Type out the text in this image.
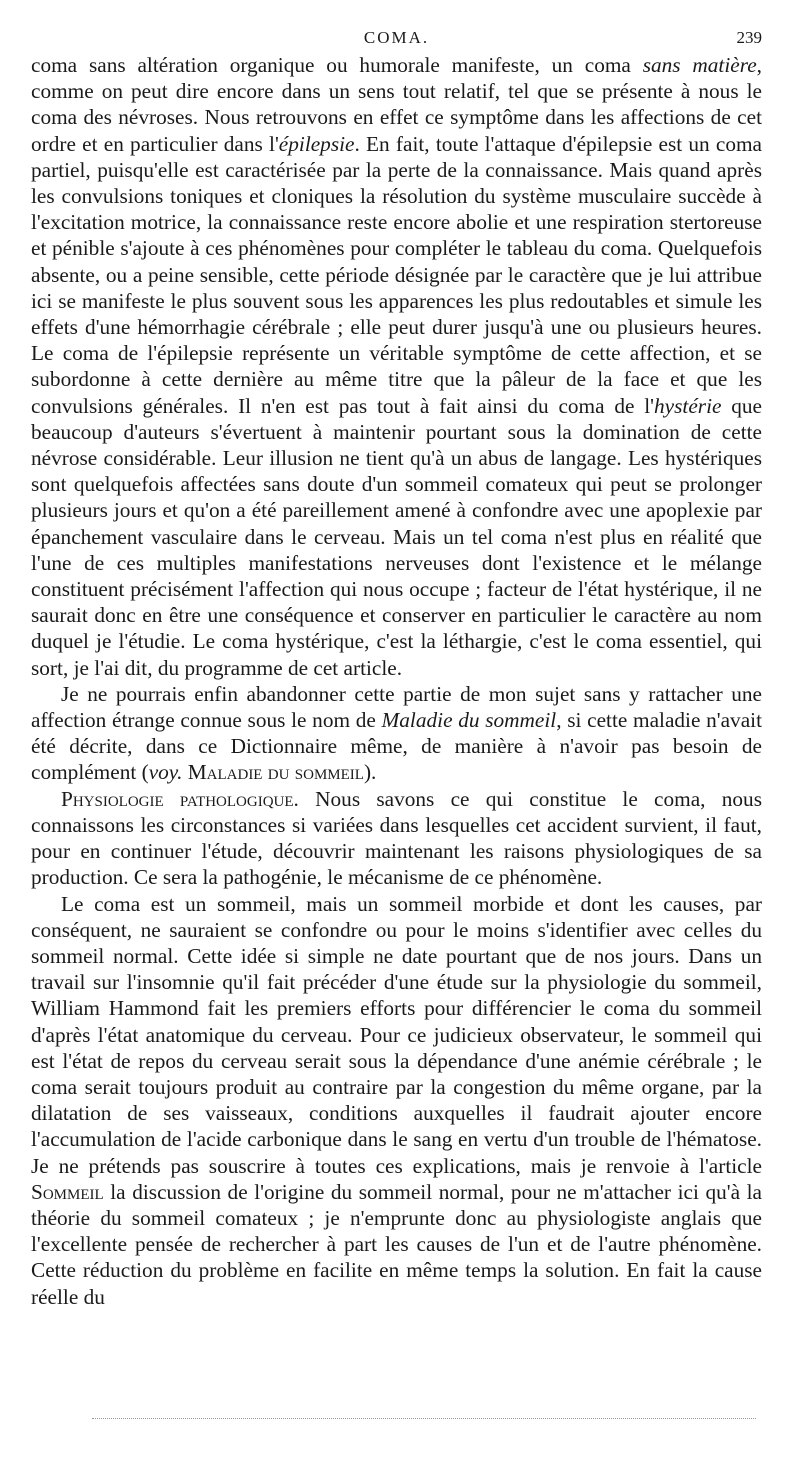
COMA.	239

coma sans altération organique ou humorale manifeste, un coma sans matière, comme on peut dire encore dans un sens tout relatif, tel que se présente à nous le coma des névroses. Nous retrouvons en effet ce symptôme dans les affections de cet ordre et en particulier dans l'épilepsie. En fait, toute l'attaque d'épilepsie est un coma partiel, puisqu'elle est caractérisée par la perte de la connaissance. Mais quand après les convulsions toniques et cloniques la résolution du système musculaire succède à l'excitation motrice, la connaissance reste encore abolie et une respiration stertoreuse et pénible s'ajoute à ces phénomènes pour compléter le tableau du coma. Quelquefois absente, ou a peine sensible, cette période désignée par le caractère que je lui attribue ici se manifeste le plus souvent sous les apparences les plus redoutables et simule les effets d'une hémorrhagie cérébrale ; elle peut durer jusqu'à une ou plusieurs heures. Le coma de l'épilepsie représente un véritable symptôme de cette affection, et se subordonne à cette dernière au même titre que la pâleur de la face et que les convulsions générales. Il n'en est pas tout à fait ainsi du coma de l'hystérie que beaucoup d'auteurs s'évertuent à maintenir pourtant sous la domination de cette névrose considérable. Leur illusion ne tient qu'à un abus de langage. Les hystériques sont quelquefois affectées sans doute d'un sommeil comateux qui peut se prolonger plusieurs jours et qu'on a été pareillement amené à confondre avec une apoplexie par épanchement vasculaire dans le cerveau. Mais un tel coma n'est plus en réalité que l'une de ces multiples manifestations nerveuses dont l'existence et le mélange constituent précisément l'affection qui nous occupe ; facteur de l'état hystérique, il ne saurait donc en être une conséquence et conserver en particulier le caractère au nom duquel je l'étudie. Le coma hystérique, c'est la léthargie, c'est le coma essentiel, qui sort, je l'ai dit, du programme de cet article.

Je ne pourrais enfin abandonner cette partie de mon sujet sans y rattacher une affection étrange connue sous le nom de Maladie du sommeil, si cette maladie n'avait été décrite, dans ce Dictionnaire même, de manière à n'avoir pas besoin de complément (voy. Maladie du sommeil).

Physiologie pathologique. Nous savons ce qui constitue le coma, nous connaissons les circonstances si variées dans lesquelles cet accident survient, il faut, pour en continuer l'étude, découvrir maintenant les raisons physiologiques de sa production. Ce sera la pathogénie, le mécanisme de ce phénomène.

Le coma est un sommeil, mais un sommeil morbide et dont les causes, par conséquent, ne sauraient se confondre ou pour le moins s'identifier avec celles du sommeil normal. Cette idée si simple ne date pourtant que de nos jours. Dans un travail sur l'insomnie qu'il fait précéder d'une étude sur la physiologie du sommeil, William Hammond fait les premiers efforts pour différencier le coma du sommeil d'après l'état anatomique du cerveau. Pour ce judicieux observateur, le sommeil qui est l'état de repos du cerveau serait sous la dépendance d'une anémie cérébrale ; le coma serait toujours produit au contraire par la congestion du même organe, par la dilatation de ses vaisseaux, conditions auxquelles il faudrait ajouter encore l'accumulation de l'acide carbonique dans le sang en vertu d'un trouble de l'hématose. Je ne prétends pas souscrire à toutes ces explications, mais je renvoie à l'article Sommeil la discussion de l'origine du sommeil normal, pour ne m'attacher ici qu'à la théorie du sommeil comateux ; je n'emprunte donc au physiologiste anglais que l'excellente pensée de rechercher à part les causes de l'un et de l'autre phénomène. Cette réduction du problème en facilite en même temps la solution. En fait la cause réelle du
